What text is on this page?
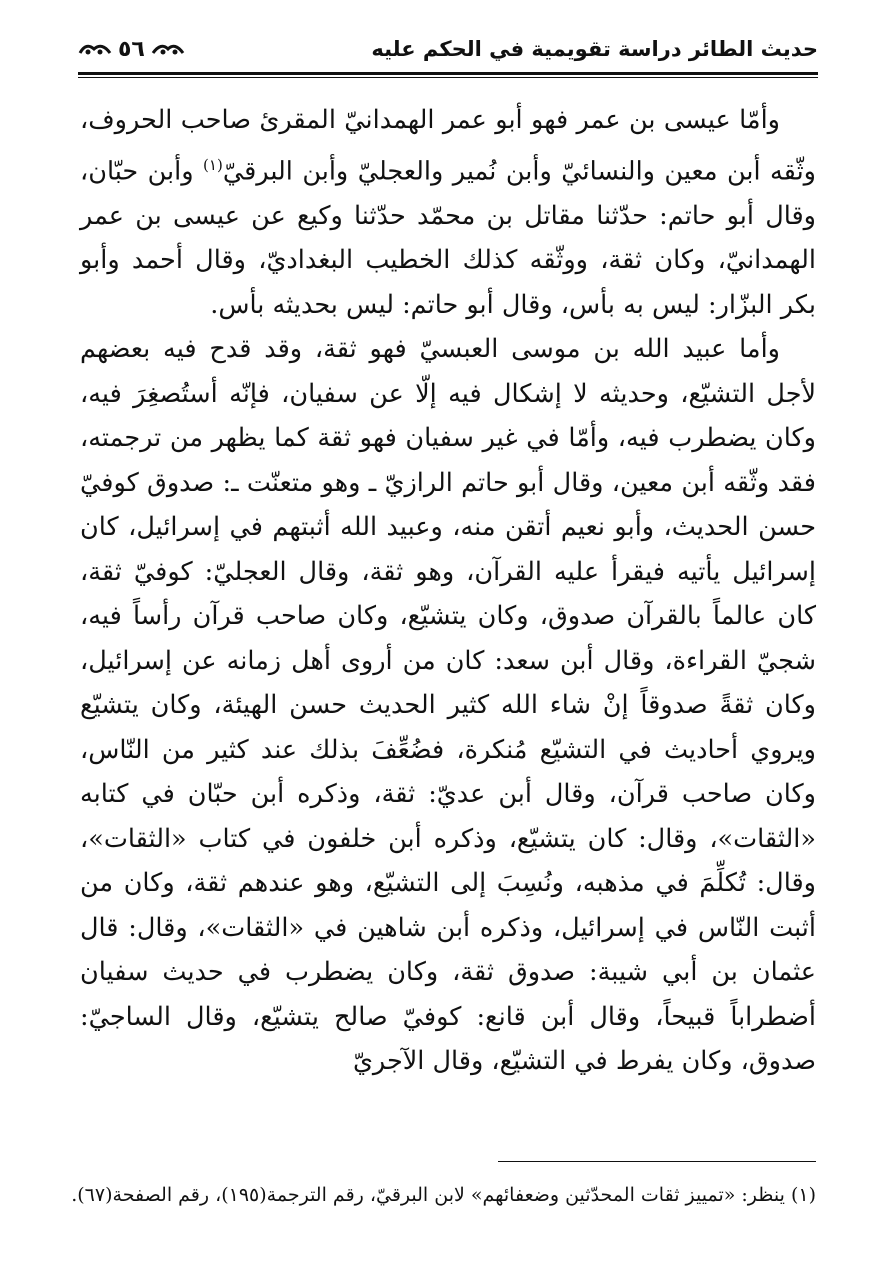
حديث الطائر دراسة تقويمية في الحكم عليه
٥٦

وأمّا عيسى بن عمر فهو أبو عمر الهمدانيّ المقرئ صاحب الحروف، وثّقه أبن معين والنسائيّ وأبن نُمير والعجليّ وأبن البرقيّ$^{(١)}$ وأبن حبّان، وقال أبو حاتم: حدّثنا مقاتل بن محمّد حدّثنا وكيع عن عيسى بن عمر الهمدانيّ، وكان ثقة، ووثّقه كذلك الخطيب البغداديّ، وقال أحمد وأبو بكر البزّار: ليس به بأس، وقال أبو حاتم: ليس بحديثه بأس.

وأما عبيد الله بن موسى العبسيّ فهو ثقة، وقد قدح فيه بعضهم لأجل التشيّع، وحديثه لا إشكال فيه إلّا عن سفيان، فإنّه أستُصغِرَ فيه، وكان يضطرب فيه، وأمّا في غير سفيان فهو ثقة كما يظهر من ترجمته، فقد وثّقه أبن معين، وقال أبو حاتم الرازيّ ـ وهو متعنّت ـ: صدوق كوفيّ حسن الحديث، وأبو نعيم أتقن منه، وعبيد الله أثبتهم في إسرائيل، كان إسرائيل يأتيه فيقرأ عليه القرآن، وهو ثقة، وقال العجليّ: كوفيّ ثقة، كان عالماً بالقرآن صدوق، وكان يتشيّع، وكان صاحب قرآن رأساً فيه، شجيّ القراءة، وقال أبن سعد: كان من أروى أهل زمانه عن إسرائيل، وكان ثقةً صدوقاً إنْ شاء الله كثير الحديث حسن الهيئة، وكان يتشيّع ويروي أحاديث في التشيّع مُنكرة، فضُعِّفَ بذلك عند كثير من النّاس، وكان صاحب قرآن، وقال أبن عديّ: ثقة، وذكره أبن حبّان في كتابه «الثقات»، وقال: كان يتشيّع، وذكره أبن خلفون في كتاب «الثقات»، وقال: تُكلِّمَ في مذهبه، ونُسِبَ إلى التشيّع، وهو عندهم ثقة، وكان من أثبت النّاس في إسرائيل، وذكره أبن شاهين في «الثقات»، وقال: قال عثمان بن أبي شيبة: صدوق ثقة، وكان يضطرب في حديث سفيان أضطراباً قبيحاً، وقال أبن قانع: كوفيّ صالح يتشيّع، وقال الساجيّ: صدوق، وكان يفرط في التشيّع، وقال الآجريّ

(١) ينظر: «تمييز ثقات المحدّثين وضعفائهم» لابن البرقيّ، رقم الترجمة(١٩٥)، رقم الصفحة(٦٧).
